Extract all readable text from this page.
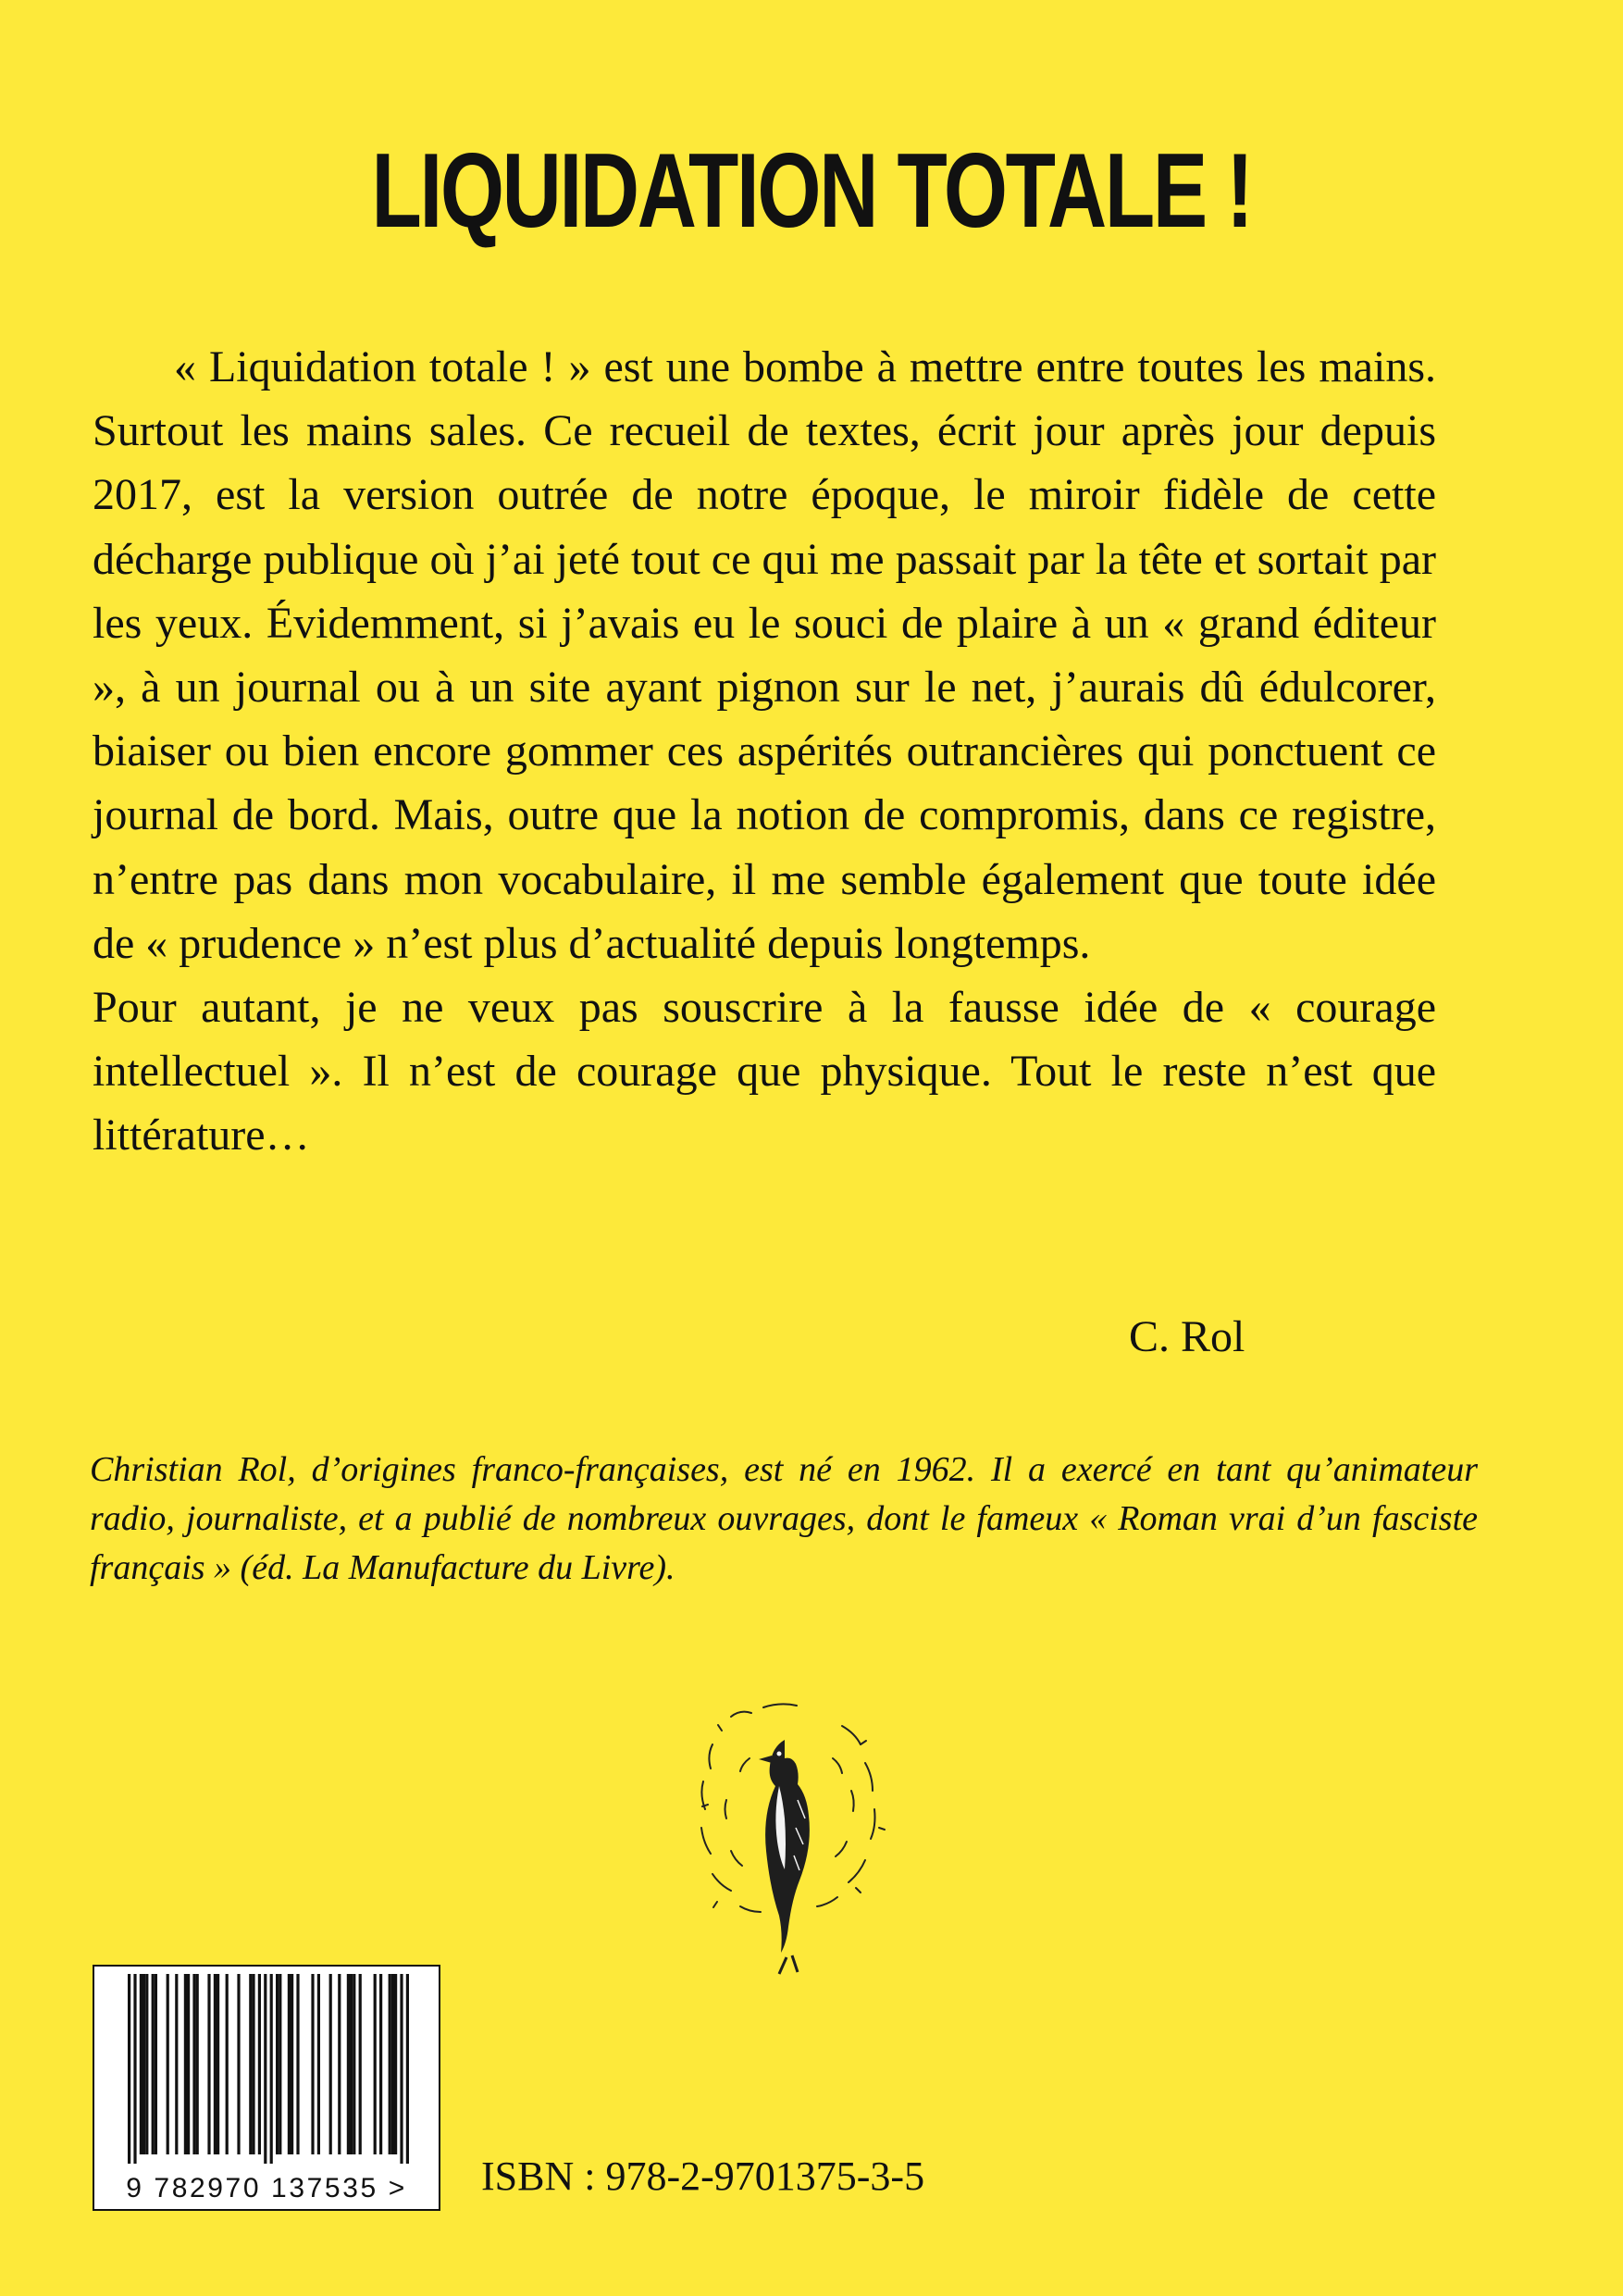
LIQUIDATION TOTALE !

« Liquidation totale ! » est une bombe à mettre entre toutes les mains. Surtout les mains sales. Ce recueil de textes, écrit jour après jour depuis 2017, est la version outrée de notre époque, le miroir fidèle de cette décharge publique où j’ai jeté tout ce qui me passait par la tête et sortait par les yeux. Évidemment, si j’avais eu le souci de plaire à un « grand éditeur », à un journal ou à un site ayant pignon sur le net, j’aurais dû édulcorer, biaiser ou bien encore gommer ces aspérités outrancières qui ponctuent ce journal de bord. Mais, outre que la notion de compromis, dans ce registre, n’entre pas dans mon vocabulaire, il me semble également que toute idée de « prudence » n’est plus d’actualité depuis longtemps.

Pour autant, je ne veux pas souscrire à la fausse idée de « courage intellectuel ». Il n’est de courage que physique. Tout le reste n’est que littérature…

C. Rol

Christian Rol, d’origines franco-françaises, est né en 1962. Il a exercé en tant qu’animateur radio, journaliste, et a publié de nombreux ouvrages, dont le fameux « Roman vrai d’un fasciste français » (éd. La Manufacture du Livre).

9 782970 137535 >	ISBN : 978-2-9701375-3-5
